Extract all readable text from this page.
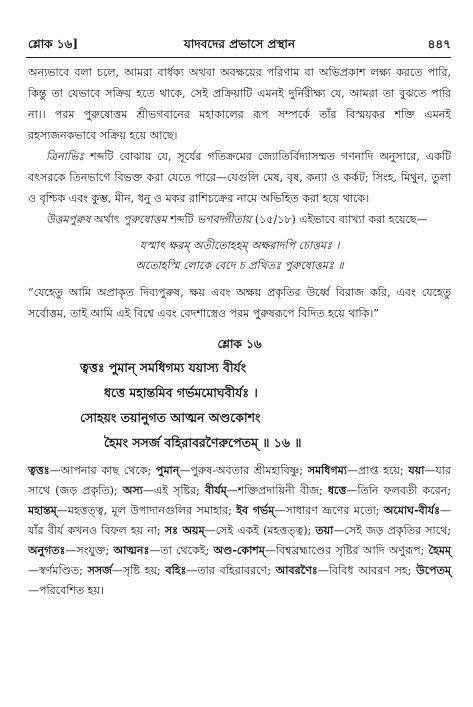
শ্লোক ১৬]	যাদবদের প্রভাসে প্রস্থান	৪৪৭

অন্যভাবে বলা চলে, আমরা বার্ধক্য অথবা অবক্ষয়ের পরিণাম বা অভিপ্রকাশ লক্ষ্য করতে পারি, কিন্তু তা যেভাবে সক্রিয় হতে থাকে, সেই প্রক্রিয়াটি এমনই দুর্নিরীক্ষ্য যে, আমরা তা বুঝতে পারি না।। পরম পুরুষোত্তম শ্রীভগবানের মহাকালের রূপ সম্পর্কে তাঁর বিস্ময়কর শক্তি এমনই রহস্যজনকভাবে সক্রিয় হয়ে আছে।

ত্রিনাভিঃ শব্দটি বোঝায় যে, সূর্যের গতিক্রমের জ্যোতির্বিদ্যাসম্মত গণনাদি অনুসারে, একটি বৎসরকে তিনভাগে বিভক্ত করা যেতে পারে—যেগুলি মেষ, বৃষ, কন্যা ও কর্কট; সিংহ, মিথুন, তুলা ও বৃশ্চিক এবং কুম্ভ, মীন, ধনু ও মকর রাশিচক্রের নামে অভিহিত করা হয়ে থাকে।

উত্তমপুরুষ অর্থাৎ পুরুষোত্তম শব্দটি ভগবদ্গীতায় (১৫/১৮) এইভাবে ব্যাখ্যা করা হয়েছে—

যস্মাৎ ক্ষরম্ অতীতোহহম্ অক্ষরাদপি চোত্তমঃ ।
অতোহস্মি লোকে বেদে চ প্রথিতঃ পুরুষোত্তমঃ ॥

“যেহেতু আমি অপ্রাকৃত দিব্যপুরুষ, ক্ষয় এবং অক্ষয় প্রকৃতির উর্ধ্বে বিরাজ করি, এবং যেহেতু সর্বোত্তম, তাই আমি এই বিশ্বে এবং বেদশাস্ত্রেও পরম পুরুষরূপে বিদিত হয়ে থাকি।”

শ্লোক ১৬
ত্বত্তঃ পুমান্ সমধিগম্য যয়াস্য বীর্যং
ধত্তে মহান্তমিব গর্ভমমোঘবীর্যঃ ।
সোহয়ং তয়ানুগত আত্মন অণ্ডকোশং
হৈমং সসর্জ বহিরাবরণৈরুপেতম্ ॥ ১৬ ॥

ত্বত্তঃ—আপনার কাছ থেকে; পুমান্—পুরুষ-অবতার শ্রীমহাবিষ্ণু; সমধিগম্য—প্রাপ্ত হয়ে; যয়া—যার সাথে (জড় প্রকৃতি); অস্য—এই সৃষ্টির; বীর্যম্—শক্তিপ্রদায়িনী বীজ; ধত্তে—তিনি ফলবতী করেন; মহান্তম্—মহত্তত্ত্ব, মূল উপাদানগুলির সমাহার; ইব গর্ভম্—সাধারণ ভ্রূণের মতো; অমোঘ-বীর্যঃ—যাঁর বীর্য কখনও বিফল হয় না; সঃ অয়ম্—সেই একই (মহত্তত্ত্ব); তয়া—সেই জড় প্রকৃতির সাথে; অনুগতঃ—সংযুক্ত; আত্মনঃ—তা থেকেই; অণ্ড-কোশম্—বিশ্বব্রহ্মাণ্ডের সৃষ্টির আদি অণুরূপ; হৈমম্—স্বর্ণমণ্ডিত; সসর্জ—সৃষ্টি হয়; বহিঃ—তার বহিরাবরণে; আবরণৈঃ—বিবিধ আবরণ সহ; উপেতম্—পরিবেশিত হয়।
